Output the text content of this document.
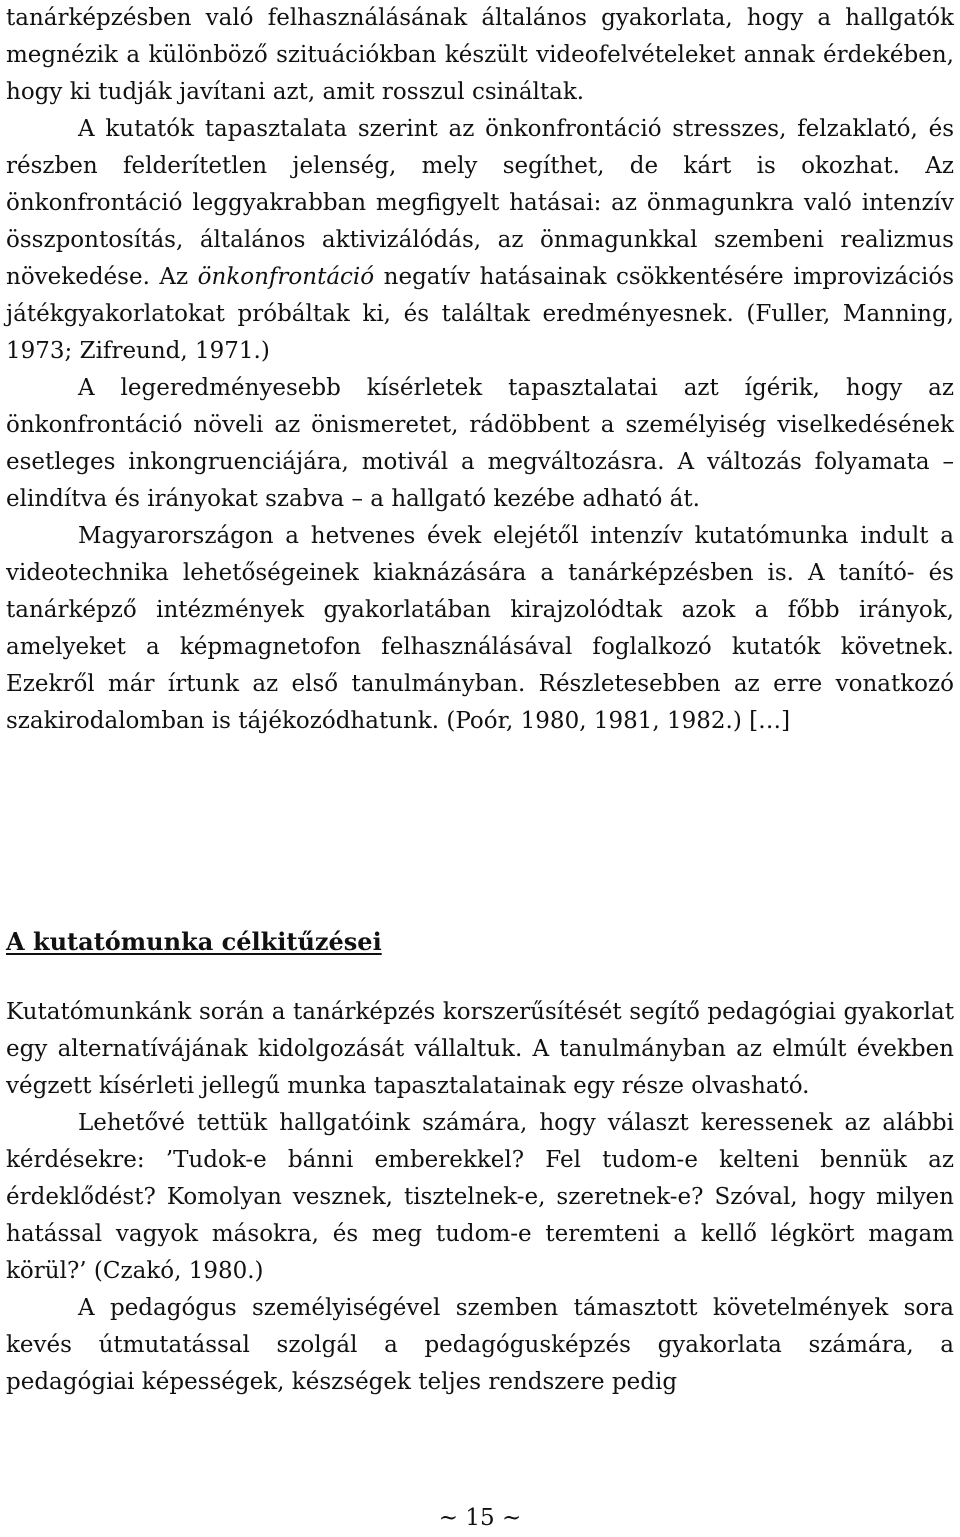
tanárképzésben való felhasználásának általános gyakorlata, hogy a hallgatók megnézik a különböző szituációkban készült videofelvételeket annak érdekében, hogy ki tudják javítani azt, amit rosszul csináltak.

A kutatók tapasztalata szerint az önkonfrontáció stresszes, felzaklató, és részben felderítetlen jelenség, mely segíthet, de kárt is okozhat. Az önkonfrontáció leggyakrabban megfigyelt hatásai: az önmagunkra való intenzív összpontosítás, általános aktivizálódás, az önmagunkkal szembeni realizmus növekedése. Az önkonfrontáció negatív hatásainak csökkentésére improvizációs játékgyakorlatokat próbáltak ki, és találtak eredményesnek. (Fuller, Manning, 1973; Zifreund, 1971.)

A legeredményesebb kísérletek tapasztalatai azt ígérik, hogy az önkonfrontáció növeli az önismeretet, rádöbbent a személyiség viselkedésének esetleges inkongruenciájára, motivál a megváltozásra. A változás folyamata – elindítva és irányokat szabva – a hallgató kezébe adható át.

Magyarországon a hetvenes évek elejétől intenzív kutatómunka indult a videotechnika lehetőségeinek kiaknázására a tanárképzésben is. A tanító- és tanárképző intézmények gyakorlatában kirajzolódtak azok a főbb irányok, amelyeket a képmagnetofon felhasználásával foglalkozó kutatók követnek. Ezekről már írtunk az első tanulmányban. Részletesebben az erre vonatkozó szakirodalomban is tájékozódhatunk. (Poór, 1980, 1981, 1982.) […]

A kutatómunka célkitűzései

Kutatómunkánk során a tanárképzés korszerűsítését segítő pedagógiai gyakorlat egy alternatívájának kidolgozását vállaltuk. A tanulmányban az elmúlt években végzett kísérleti jellegű munka tapasztalatainak egy része olvasható.

Lehetővé tettük hallgatóink számára, hogy választ keressenek az alábbi kérdésekre: ’Tudok-e bánni emberekkel? Fel tudom-e kelteni bennük az érdeklődést? Komolyan vesznek, tisztelnek-e, szeretnek-e? Szóval, hogy milyen hatással vagyok másokra, és meg tudom-e teremteni a kellő légkört magam körül?’ (Czakó, 1980.)

A pedagógus személyiségével szemben támasztott követelmények sora kevés útmutatással szolgál a pedagógusképzés gyakorlata számára, a pedagógiai képességek, készségek teljes rendszere pedig

~ 15 ~
